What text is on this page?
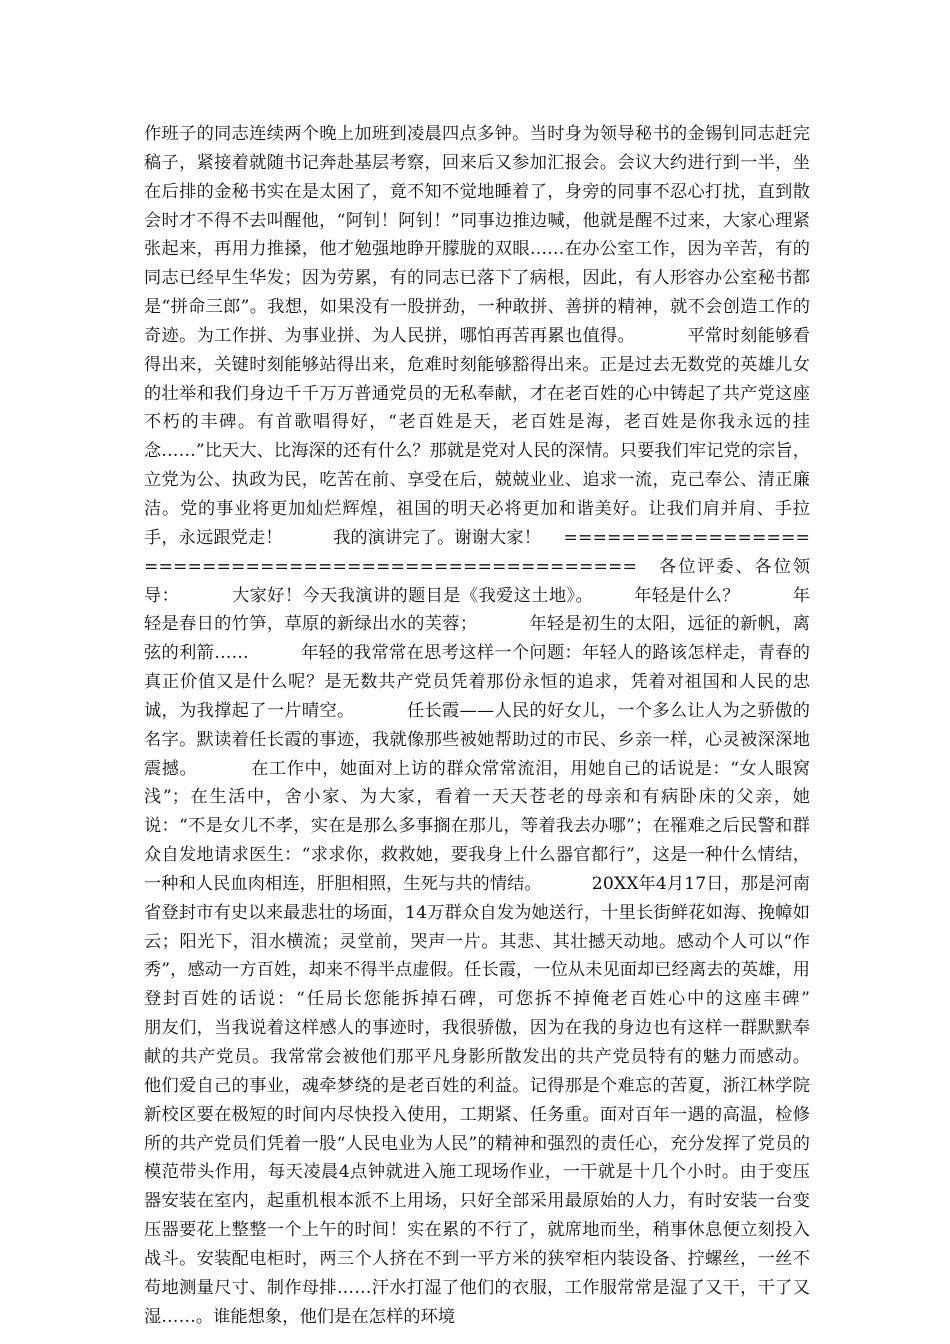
作班子的同志连续两个晚上加班到凌晨四点多钟。当时身为领导秘书的金锡钊同志赶完稿子，紧接着就随书记奔赴基层考察，回来后又参加汇报会。会议大约进行到一半，坐在后排的金秘书实在是太困了，竟不知不觉地睡着了，身旁的同事不忍心打扰，直到散会时才不得不去叫醒他，“阿钊！阿钊！”同事边推边喊，他就是醒不过来，大家心理紧张起来，再用力推搡，他才勉强地睁开朦胧的双眼……在办公室工作，因为辛苦，有的同志已经早生华发；因为劳累，有的同志已落下了病根，因此，有人形容办公室秘书都是“拼命三郎”。我想，如果没有一股拼劲，一种敢拼、善拼的精神，就不会创造工作的奇迹。为工作拼、为事业拼、为人民拼，哪怕再苦再累也值得。         平常时刻能够看得出来，关键时刻能够站得出来，危难时刻能够豁得出来。正是过去无数党的英雄儿女的壮举和我们身边千千万万普通党员的无私奉献，才在老百姓的心中铸起了共产党这座不朽的丰碑。有首歌唱得好，“老百姓是天，老百姓是海，老百姓是你我永远的挂念……”比天大、比海深的还有什么？那就是党对人民的深情。只要我们牢记党的宗旨，立党为公、执政为民，吃苦在前、享受在后，兢兢业业、追求一流，克己奉公、清正廉洁。党的事业将更加灿烂辉煌，祖国的明天必将更加和谐美好。让我们肩并肩、手拉手，永远跟党走！         我的演讲完了。谢谢大家！    ===================================================   各位评委、各位领导：         大家好！今天我演讲的题目是《我爱这土地》。       年轻是什么？         年轻是春日的竹笋，草原的新绿出水的芙蓉；         年轻是初生的太阳，远征的新帆，离弦的利箭……         年轻的我常常在思考这样一个问题：年轻人的路该怎样走，青春的真正价值又是什么呢？是无数共产党员凭着那份永恒的追求，凭着对祖国和人民的忠诚，为我撑起了一片晴空。         任长霞——人民的好女儿，一个多么让人为之骄傲的名字。默读着任长霞的事迹，我就像那些被她帮助过的市民、乡亲一样，心灵被深深地震撼。         在工作中，她面对上访的群众常常流泪，用她自己的话说是：“女人眼窝浅”；在生活中，舍小家、为大家，看着一天天苍老的母亲和有病卧床的父亲，她说：“不是女儿不孝，实在是那么多事搁在那儿，等着我去办哪”；在罹难之后民警和群众自发地请求医生：“求求你，救救她，要我身上什么器官都行”，这是一种什么情结，一种和人民血肉相连，肝胆相照，生死与共的情结。         20XX年4月17日，那是河南省登封市有史以来最悲壮的场面，14万群众自发为她送行，十里长街鲜花如海、挽幛如云；阳光下，泪水横流；灵堂前，哭声一片。其悲、其壮撼天动地。感动个人可以“作秀”，感动一方百姓，却来不得半点虚假。任长霞，一位从未见面却已经离去的英雄，用登封百姓的话说：“任局长您能拆掉石碑，可您拆不掉俺老百姓心中的这座丰碑”         朋友们，当我说着这样感人的事迹时，我很骄傲，因为在我的身边也有这样一群默默奉献的共产党员。我常常会被他们那平凡身影所散发出的共产党员特有的魅力而感动。         他们爱自己的事业，魂牵梦绕的是老百姓的利益。记得那是个难忘的苦夏，浙江林学院新校区要在极短的时间内尽快投入使用，工期紧、任务重。面对百年一遇的高温，检修所的共产党员们凭着一股“人民电业为人民”的精神和强烈的责任心，充分发挥了党员的模范带头作用，每天凌晨4点钟就进入施工现场作业，一干就是十几个小时。由于变压器安装在室内，起重机根本派不上用场，只好全部采用最原始的人力，有时安装一台变压器要花上整整一个上午的时间！实在累的不行了，就席地而坐，稍事休息便立刻投入战斗。安装配电柜时，两三个人挤在不到一平方米的狭窄柜内装设备、拧螺丝，一丝不苟地测量尺寸、制作母排……汗水打湿了他们的衣服，工作服常常是湿了又干，干了又湿……。谁能想象，他们是在怎样的环境
